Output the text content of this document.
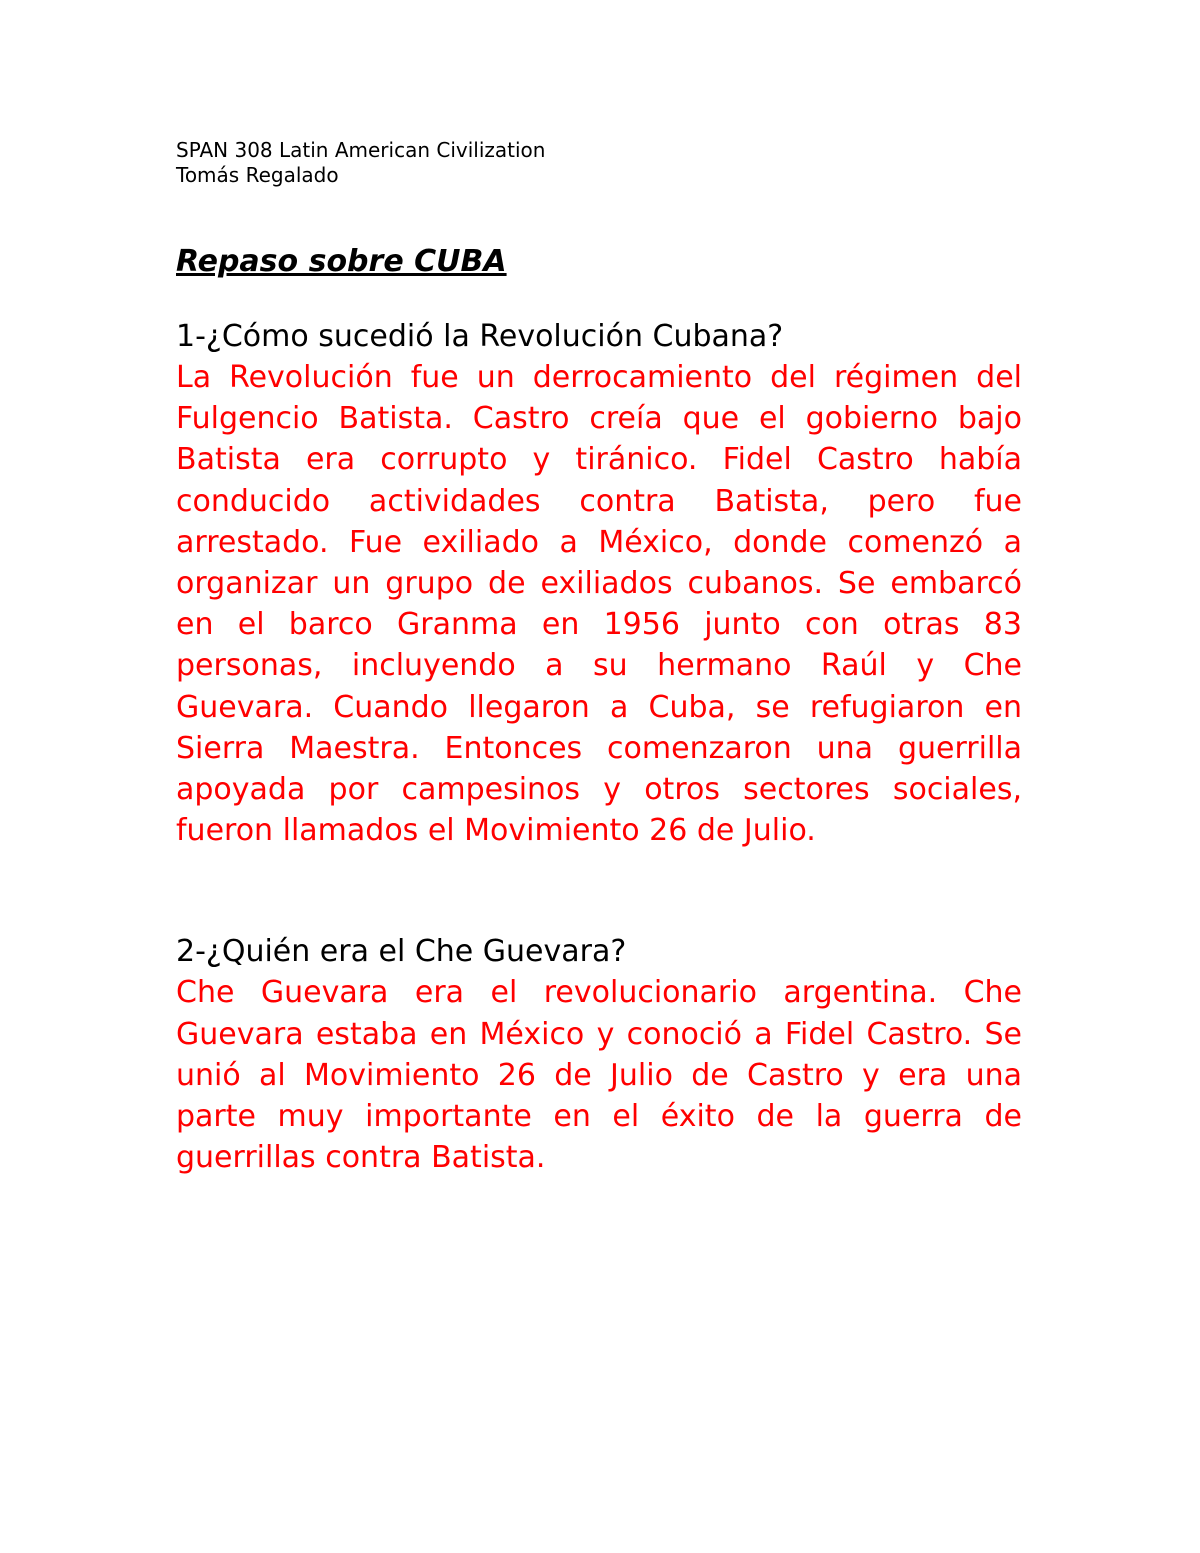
SPAN 308 Latin American Civilization

Tomás Regalado

Repaso sobre CUBA

1-¿Cómo sucedió la Revolución Cubana?

La Revolución fue un derrocamiento del régimen del Fulgencio Batista. Castro creía que el gobierno bajo Batista era corrupto y tiránico. Fidel Castro había conducido actividades contra Batista, pero fue arrestado. Fue exiliado a México, donde comenzó a organizar un grupo de exiliados cubanos. Se embarcó en el barco Granma en 1956 junto con otras 83 personas, incluyendo a su hermano Raúl y Che Guevara. Cuando llegaron a Cuba, se refugiaron en Sierra Maestra. Entonces comenzaron una guerrilla apoyada por campesinos y otros sectores sociales, fueron llamados el Movimiento 26 de Julio.

2-¿Quién era el Che Guevara?

Che Guevara era el revolucionario argentina. Che Guevara estaba en México y conoció a Fidel Castro. Se unió al Movimiento 26 de Julio de Castro y era una parte muy importante en el éxito de la guerra de guerrillas contra Batista.
